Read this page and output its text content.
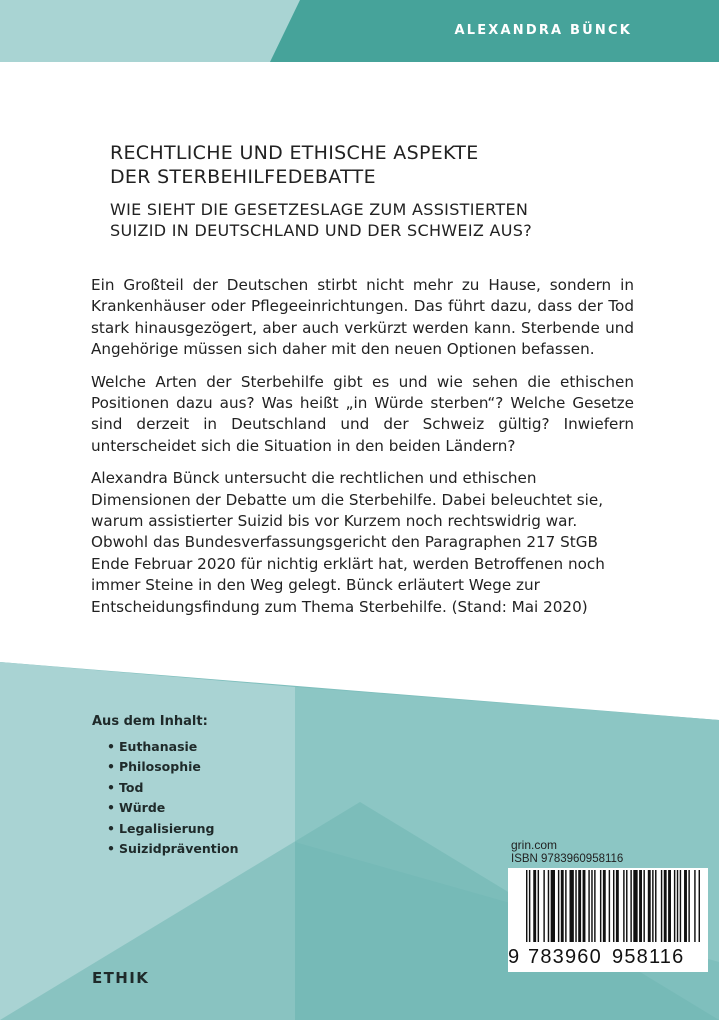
ALEXANDRA BÜNCK
RECHTLICHE UND ETHISCHE ASPEKTE
DER STERBEHILFEDEBATTE
WIE SIEHT DIE GESETZESLAGE ZUM ASSISTIERTEN
SUIZID IN DEUTSCHLAND UND DER SCHWEIZ AUS?

Ein Großteil der Deutschen stirbt nicht mehr zu Hause, sondern in Krankenhäuser oder Pflegeeinrichtungen. Das führt dazu, dass der Tod stark hinausgezögert, aber auch verkürzt werden kann. Sterbende und Angehörige müssen sich daher mit den neuen Optionen befassen.

Welche Arten der Sterbehilfe gibt es und wie sehen die ethischen Positionen dazu aus? Was heißt „in Würde sterben“? Welche Gesetze sind derzeit in Deutschland und der Schweiz gültig? Inwiefern unterscheidet sich die Situation in den beiden Ländern?

Alexandra Bünck untersucht die rechtlichen und ethischen Dimensionen der Debatte um die Sterbehilfe. Dabei beleuchtet sie, warum assistierter Suizid bis vor Kurzem noch rechtswidrig war. Obwohl das Bundesverfassungsgericht den Paragraphen 217 StGB Ende Februar 2020 für nichtig erklärt hat, werden Betroffenen noch immer Steine in den Weg gelegt. Bünck erläutert Wege zur Entscheidungsfindung zum Thema Sterbehilfe. (Stand: Mai 2020)

Aus dem Inhalt:
• Euthanasie
• Philosophie
• Tod
• Würde
• Legalisierung
• Suizidprävention
ETHIK
grin.com
ISBN 9783960958116
9 783960 958116
